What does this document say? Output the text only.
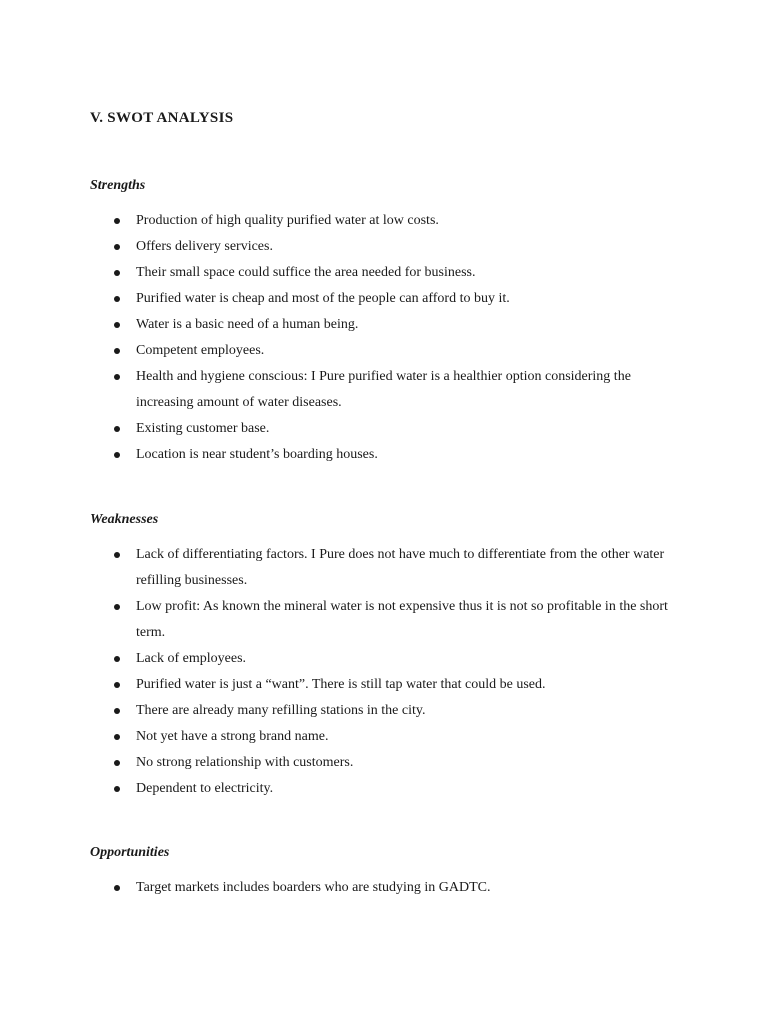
V. SWOT ANALYSIS
Strengths
Production of high quality purified water at low costs.
Offers delivery services.
Their small space could suffice the area needed for business.
Purified water is cheap and most of the people can afford to buy it.
Water is a basic need of a human being.
Competent employees.
Health and hygiene conscious: I Pure purified water is a healthier option considering the increasing amount of water diseases.
Existing customer base.
Location is near student’s boarding houses.
Weaknesses
Lack of differentiating factors. I Pure does not have much to differentiate from the other water refilling businesses.
Low profit: As known the mineral water is not expensive thus it is not so profitable in the short term.
Lack of employees.
Purified water is just a “want”. There is still tap water that could be used.
There are already many refilling stations in the city.
Not yet have a strong brand name.
No strong relationship with customers.
Dependent to electricity.
Opportunities
Target markets includes boarders who are studying in GADTC.
